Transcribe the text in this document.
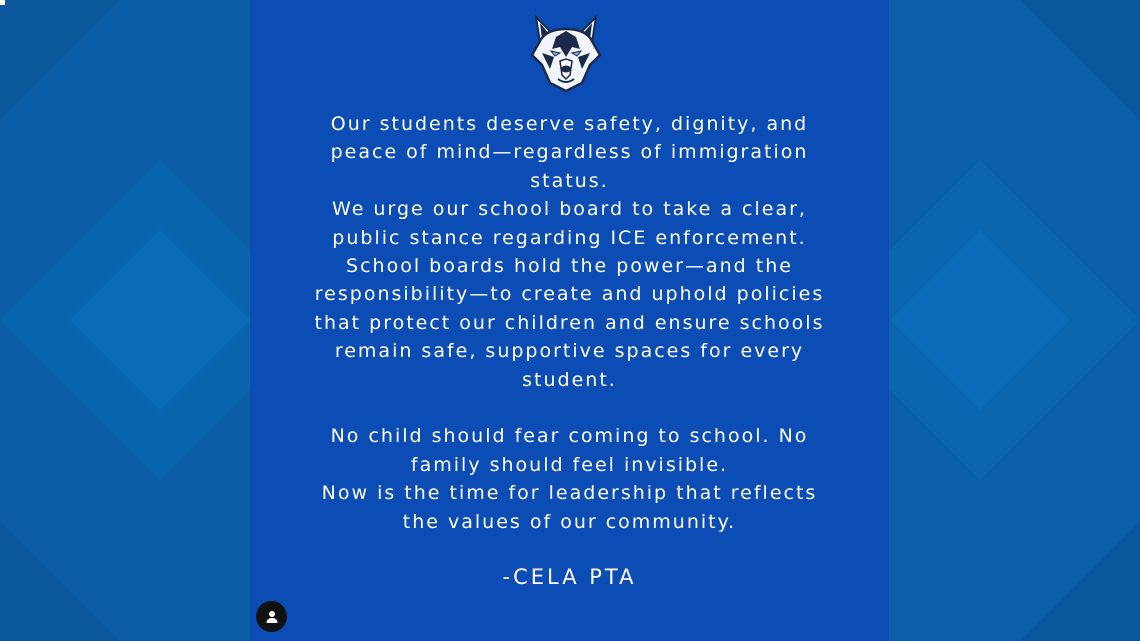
Our students deserve safety, dignity, and

peace of mind—regardless of immigration

status.

We urge our school board to take a clear,

public stance regarding ICE enforcement.

School boards hold the power—and the

responsibility—to create and uphold policies

that protect our children and ensure schools

remain safe, supportive spaces for every

student.

No child should fear coming to school. No

family should feel invisible.

Now is the time for leadership that reflects

the values of our community.

-CELA PTA
